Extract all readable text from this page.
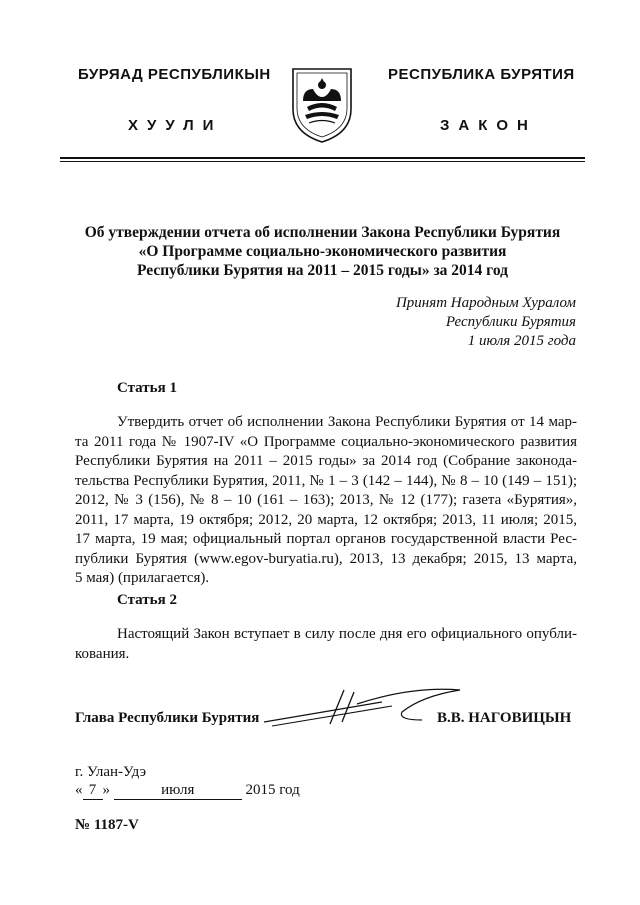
БУРЯАД РЕСПУБЛИКЫН
ХУУЛИ
РЕСПУБЛИКА БУРЯТИЯ
ЗАКОН
Об утверждении отчета об исполнении Закона Республики Бурятия
«О Программе социально-экономического развития
Республики Бурятия на 2011 – 2015 годы» за 2014 год
Принят Народным Хуралом
Республики Бурятия
1 июля 2015 года
Статья 1
Утвердить отчет об исполнении Закона Республики Бурятия от 14 мар-
та 2011 года № 1907-IV «О Программе социально-экономического развития
Республики Бурятия на 2011 – 2015 годы» за 2014 год (Собрание законода-
тельства Республики Бурятия, 2011, № 1 – 3 (142 – 144), № 8 – 10 (149 – 151);
2012, № 3 (156), № 8 – 10 (161 – 163); 2013, № 12 (177); газета «Бурятия»,
2011, 17 марта, 19 октября; 2012, 20 марта, 12 октября; 2013, 11 июля; 2015,
17 марта, 19 мая; официальный портал органов государственной власти Рес-
публики Бурятия (www.egov-buryatia.ru), 2013, 13 декабря; 2015, 13 марта,
5 мая) (прилагается).
Статья 2
Настоящий Закон вступает в силу после дня его официального опубли-
кования.
Глава Республики Бурятия	В.В. НАГОВИЦЫН
г. Улан-Удэ
« 7 »	июля	2015 год
№ 1187-V
